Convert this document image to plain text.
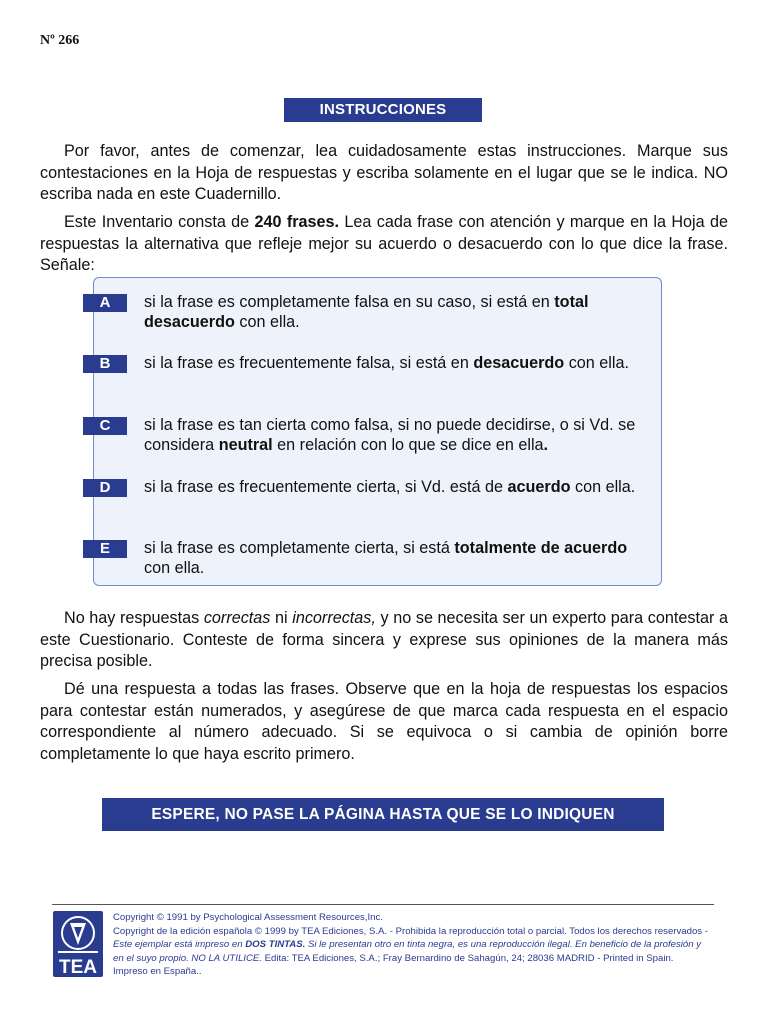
Nº 266
INSTRUCCIONES

Por favor, antes de comenzar, lea cuidadosamente estas instrucciones. Marque sus contestaciones en la Hoja de respuestas y escriba solamente en el lugar que se le indica. NO escriba nada en este Cuadernillo.

Este Inventario consta de 240 frases. Lea cada frase con atención y marque en la Hoja de respuestas la alternativa que refleje mejor su acuerdo o desacuerdo con lo que dice la frase. Señale:

A	si la frase es completamente falsa en su caso, si está en total desacuerdo con ella.
B	si la frase es frecuentemente falsa, si está en desacuerdo con ella.
C	si la frase es tan cierta como falsa, si no puede decidirse, o si Vd. se considera neutral en relación con lo que se dice en ella.
D	si la frase es frecuentemente cierta, si Vd. está de acuerdo con ella.
E	si la frase es completamente cierta, si está totalmente de acuerdo con ella.

No hay respuestas correctas ni incorrectas, y no se necesita ser un experto para contestar a este Cuestionario. Conteste de forma sincera y exprese sus opiniones de la manera más precisa posible.

Dé una respuesta a todas las frases. Observe que en la hoja de respuestas los espacios para contestar están numerados, y asegúrese de que marca cada respuesta en el espacio correspondiente al número adecuado. Si se equivoca o si cambia de opinión borre completamente lo que haya escrito primero.

ESPERE, NO PASE LA PÁGINA HASTA QUE SE LO INDIQUEN
TEA
Copyright © 1991 by Psychological Assessment Resources,Inc.
Copyright de la edición española © 1999 by TEA Ediciones, S.A. - Prohibida la reproducción total o parcial. Todos los derechos reservados -
Este ejemplar está impreso en DOS TINTAS. Si le presentan otro en tinta negra, es una reproducción ilegal. En beneficio de la profesión y
en el suyo propio. NO LA UTILICE. Edita: TEA Ediciones, S.A.; Fray Bernardino de Sahagún, 24; 28036 MADRID - Printed in Spain.
Impreso en España..
